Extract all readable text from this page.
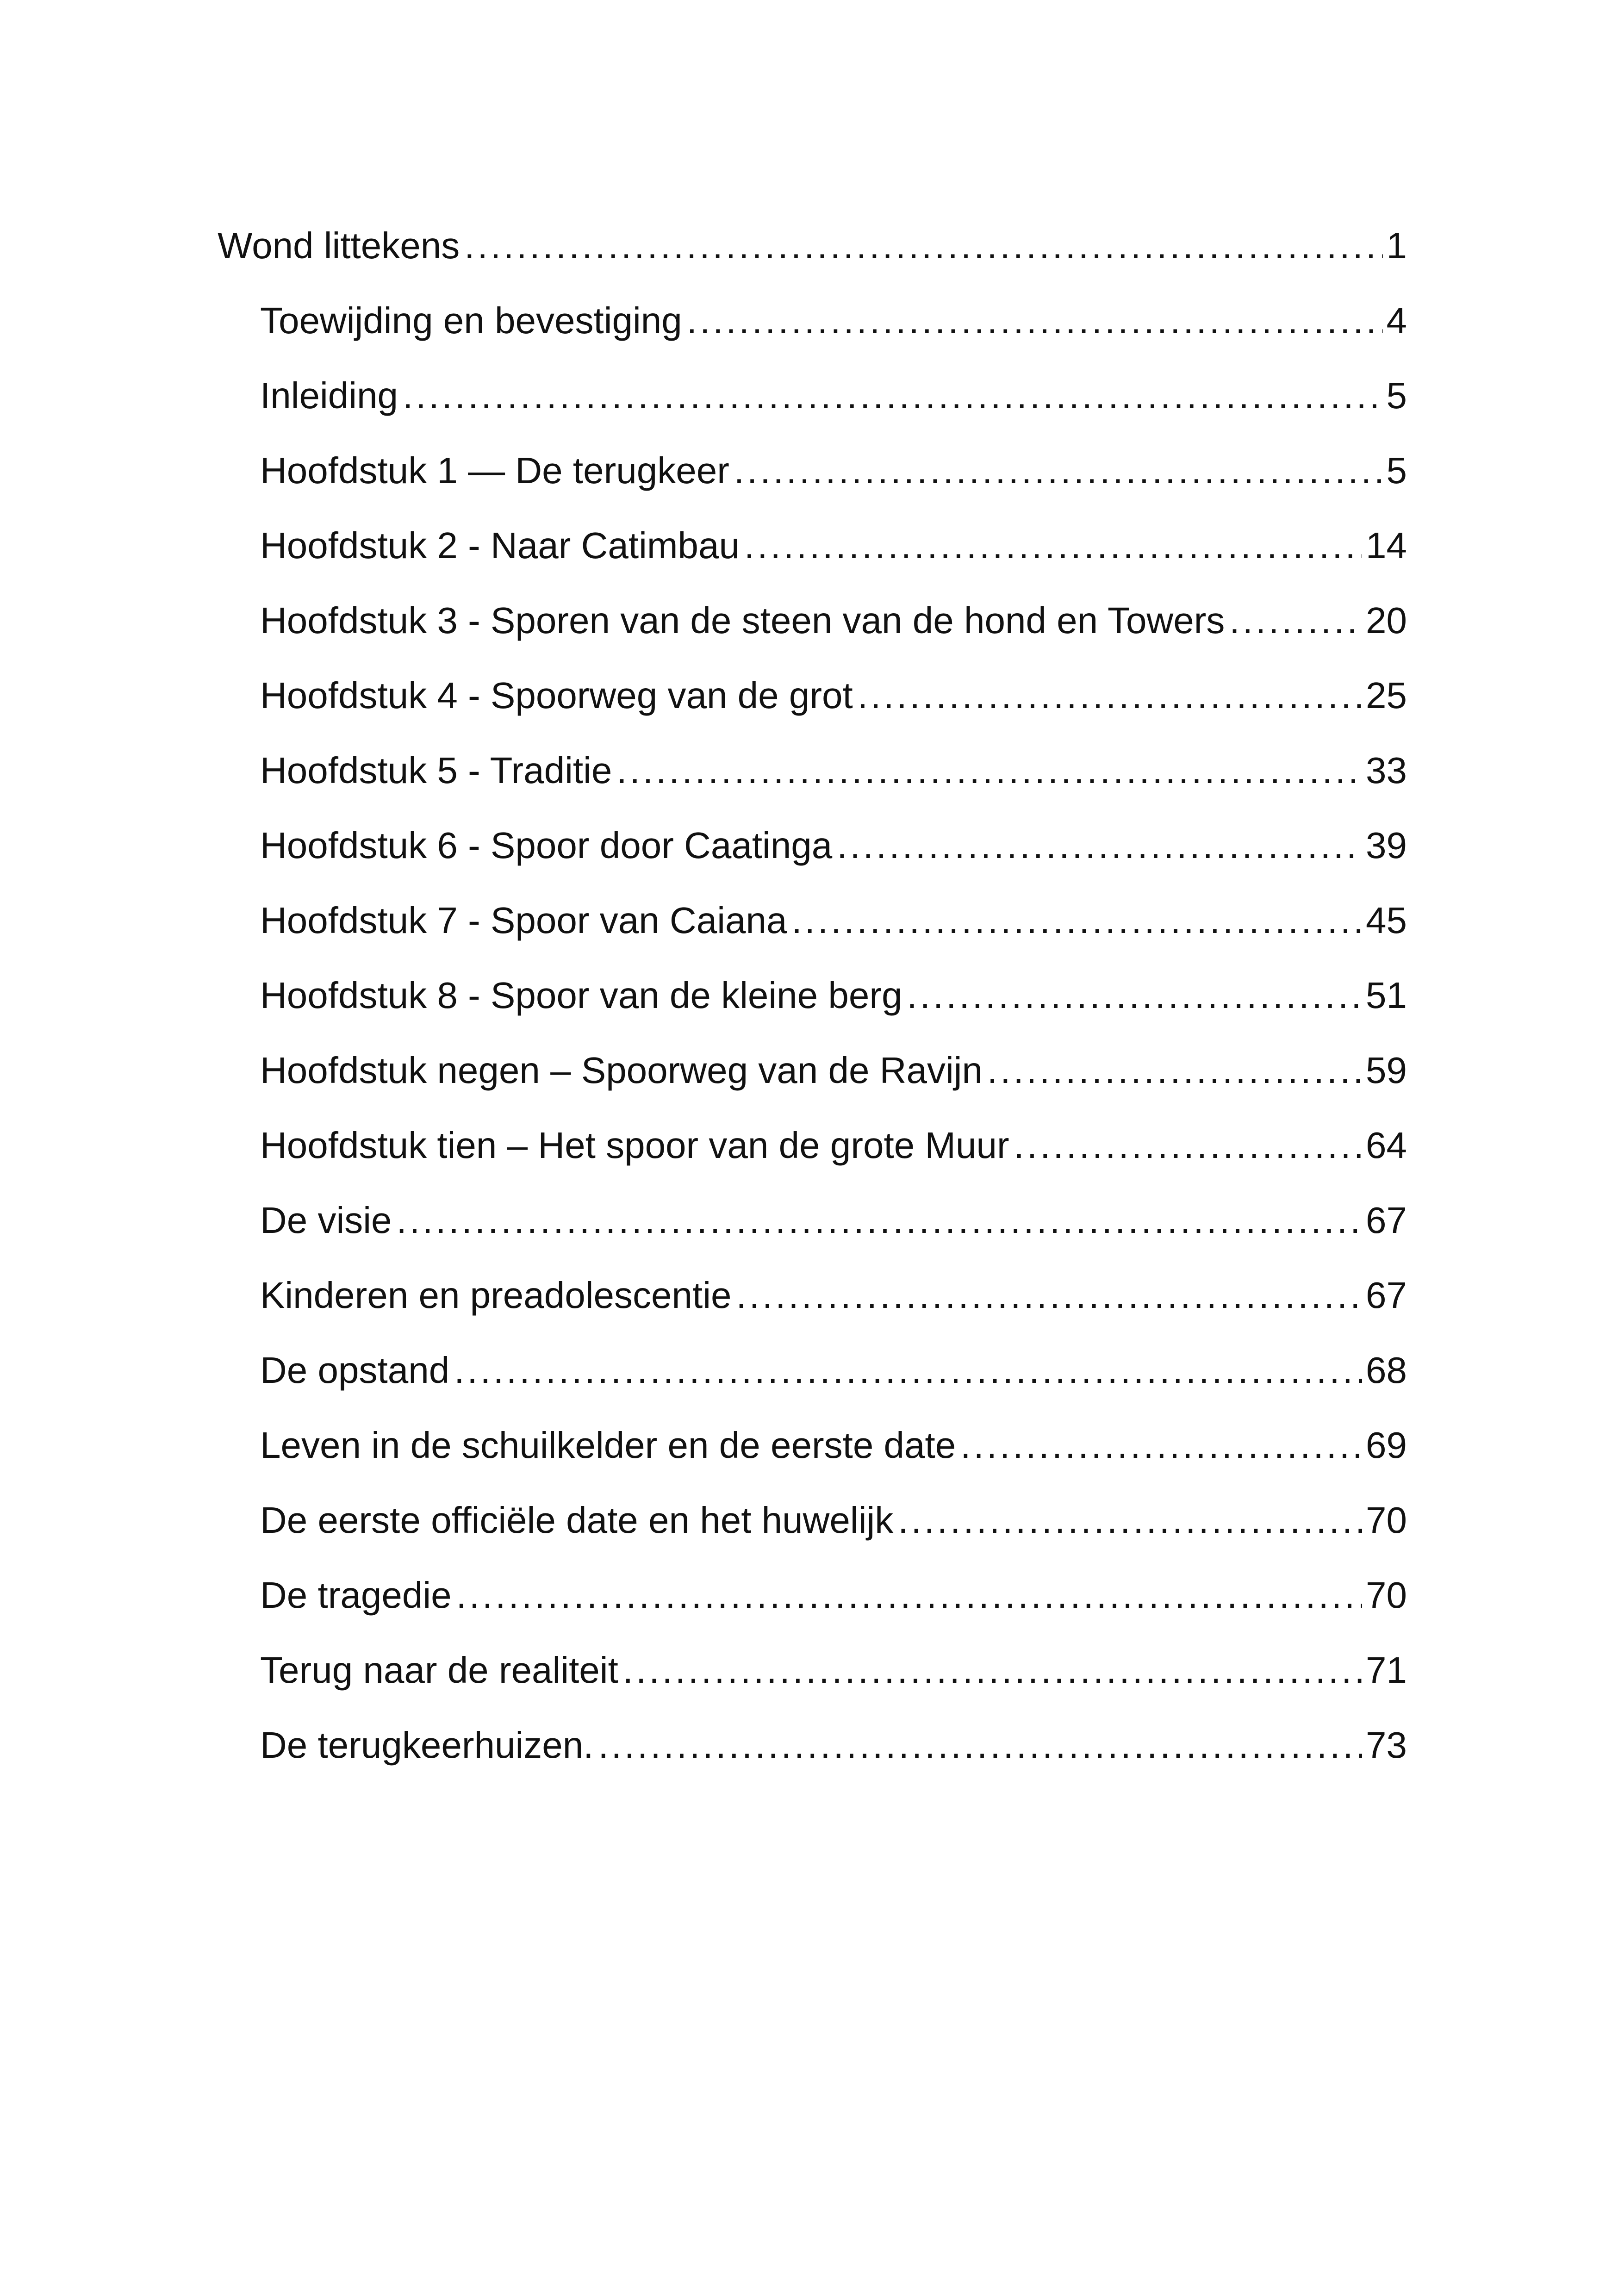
Wond littekens .....	1
Toewijding en bevestiging .....	4
Inleiding .....	5
Hoofdstuk 1 — De terugkeer .....	5
Hoofdstuk 2 - Naar Catimbau .....	14
Hoofdstuk 3 - Sporen van de steen van de hond en Towers .....	20
Hoofdstuk 4 - Spoorweg van de grot .....	25
Hoofdstuk 5 - Traditie .....	33
Hoofdstuk 6 - Spoor door Caatinga .....	39
Hoofdstuk 7 - Spoor van Caiana .....	45
Hoofdstuk 8 - Spoor van de kleine berg .....	51
Hoofdstuk negen – Spoorweg van de Ravijn .....	59
Hoofdstuk tien – Het spoor van de grote Muur .....	64
De visie .....	67
Kinderen en preadolescentie .....	67
De opstand .....	68
Leven in de schuilkelder en de eerste date .....	69
De eerste officiële date en het huwelijk .....	70
De tragedie .....	70
Terug naar de realiteit .....	71
De terugkeerhuizen. .....	73
